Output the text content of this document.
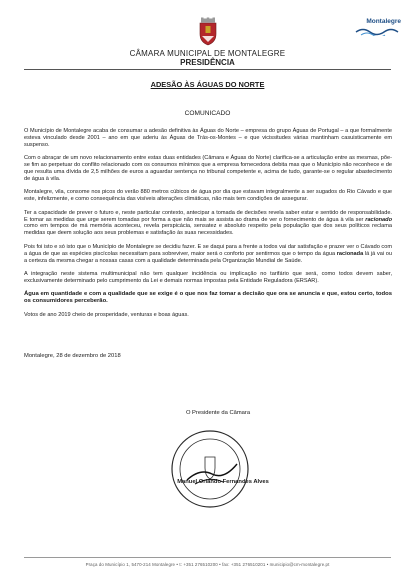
Montalegre
CÂMARA MUNICIPAL DE MONTALEGRE
PRESIDÊNCIA
ADESÃO ÀS ÁGUAS DO NORTE
COMUNICADO

O Município de Montalegre acaba de consumar a adesão definitiva às Águas do Norte – empresa do grupo Águas de Portugal – a que formalmente esteva vinculado desde 2001 – ano em que aderiu às Águas de Trás-os-Montes – e que vicissitudes várias mantinham casuisticamente em suspenso.

Com o abraçar de um novo relacionamento entre estas duas entidades (Câmara e Águas do Norte) clarifica-se a articulação entre as mesmas, põe-se fim ao perpetuar do conflito relacionado com os consumos mínimos que a empresa fornecedora debita mas que o Município não reconhece e de que resulta uma dívida de 2,5 milhões de euros a aguardar sentença no tribunal competente e, acima de tudo, garante-se o regular abastecimento de água à vila.

Montalegre, vila, consome nos picos do verão 880 metros cúbicos de água por dia que estavam integralmente a ser sugados do Rio Cávado e que este, infelizmente, e como consequência das visíveis alterações climáticas, não mais tem condições de assegurar.

Ter a capacidade de prever o futuro e, neste particular contexto, antecipar a tomada de decisões revela saber estar e sentido de responsabilidade. E tomar as medidas que urge serem tomadas por forma a que não mais se assista ao drama de ver o fornecimento de água à vila ser racionado como em tempos de má memória aconteceu, revela perspicácia, sensatez e absoluto respeito pela população que dos seus políticos reclama medidas que deem solução aos seus problemas e satisfação às suas necessidades.

Pois foi isto e só isto que o Município de Montalegre se decidiu fazer. E se daqui para a frente a todos vai dar satisfação e prazer ver o Cávado com a água de que as espécies piscícolas necessitam para sobreviver, maior será o conforto por sentirmos que o tempo da água racionada lá já vai ou a certeza da mesma chegar a nossas casas com a qualidade determinada pela Organização Mundial de Saúde.

A integração neste sistema multimunicipal não tem qualquer incidência ou implicação no tarifário que será, como todos devem saber, exclusivamente determinado pelo cumprimento da Lei e demais normas impostas pela Entidade Reguladora (ERSAR).

Água em quantidade e com a qualidade que se exige é o que nos faz tomar a decisão que ora se anuncia e que, estou certo, todos os consumidores perceberão.

Votos de ano 2019 cheio de prosperidade, venturas e boas águas.

Montalegre, 28 de dezembro de 2018
O Presidente da Câmara
Manuel Orlando Fernandes Alves
Praça do Município 1, 5470-214 Montalegre • t: +351 276510200 • fax: +351 276510201 • municipio@cm-montalegre.pt
